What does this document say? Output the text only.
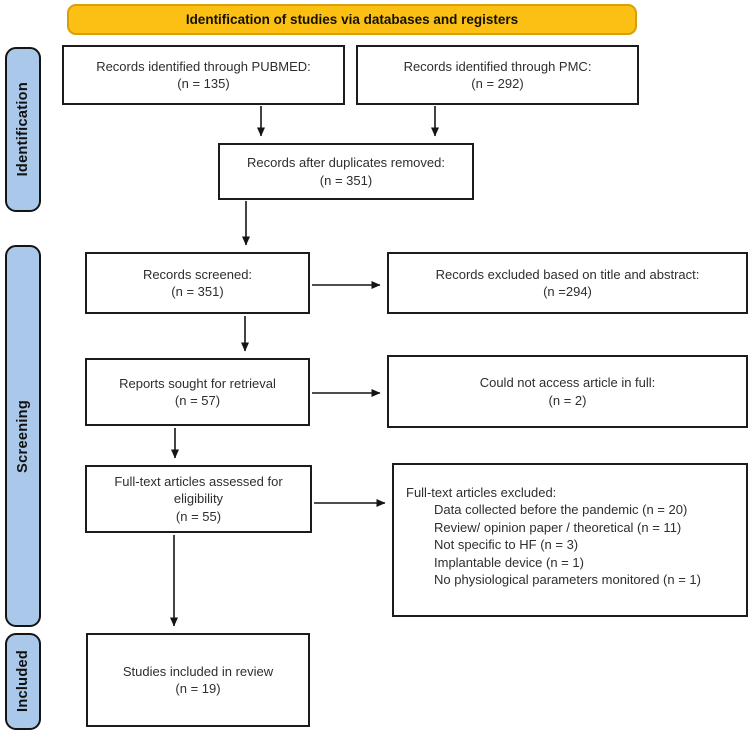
Identification of studies via databases and registers
Identification
Screening
Included
Records identified through PUBMED:
(n = 135)
Records identified through PMC:
(n = 292)
Records after duplicates removed:
(n = 351)
Records screened:
(n = 351)
Records excluded based on title and abstract:
(n =294)
Reports sought for retrieval
(n = 57)
Could not access article in full:
(n = 2)
Full-text articles assessed for eligibility
(n = 55)
Full-text articles excluded:
Data collected before the pandemic (n = 20)
Review/ opinion paper / theoretical (n = 11)
Not specific to HF (n = 3)
Implantable device (n = 1)
No physiological parameters monitored (n = 1)
Studies included in review
(n = 19)
